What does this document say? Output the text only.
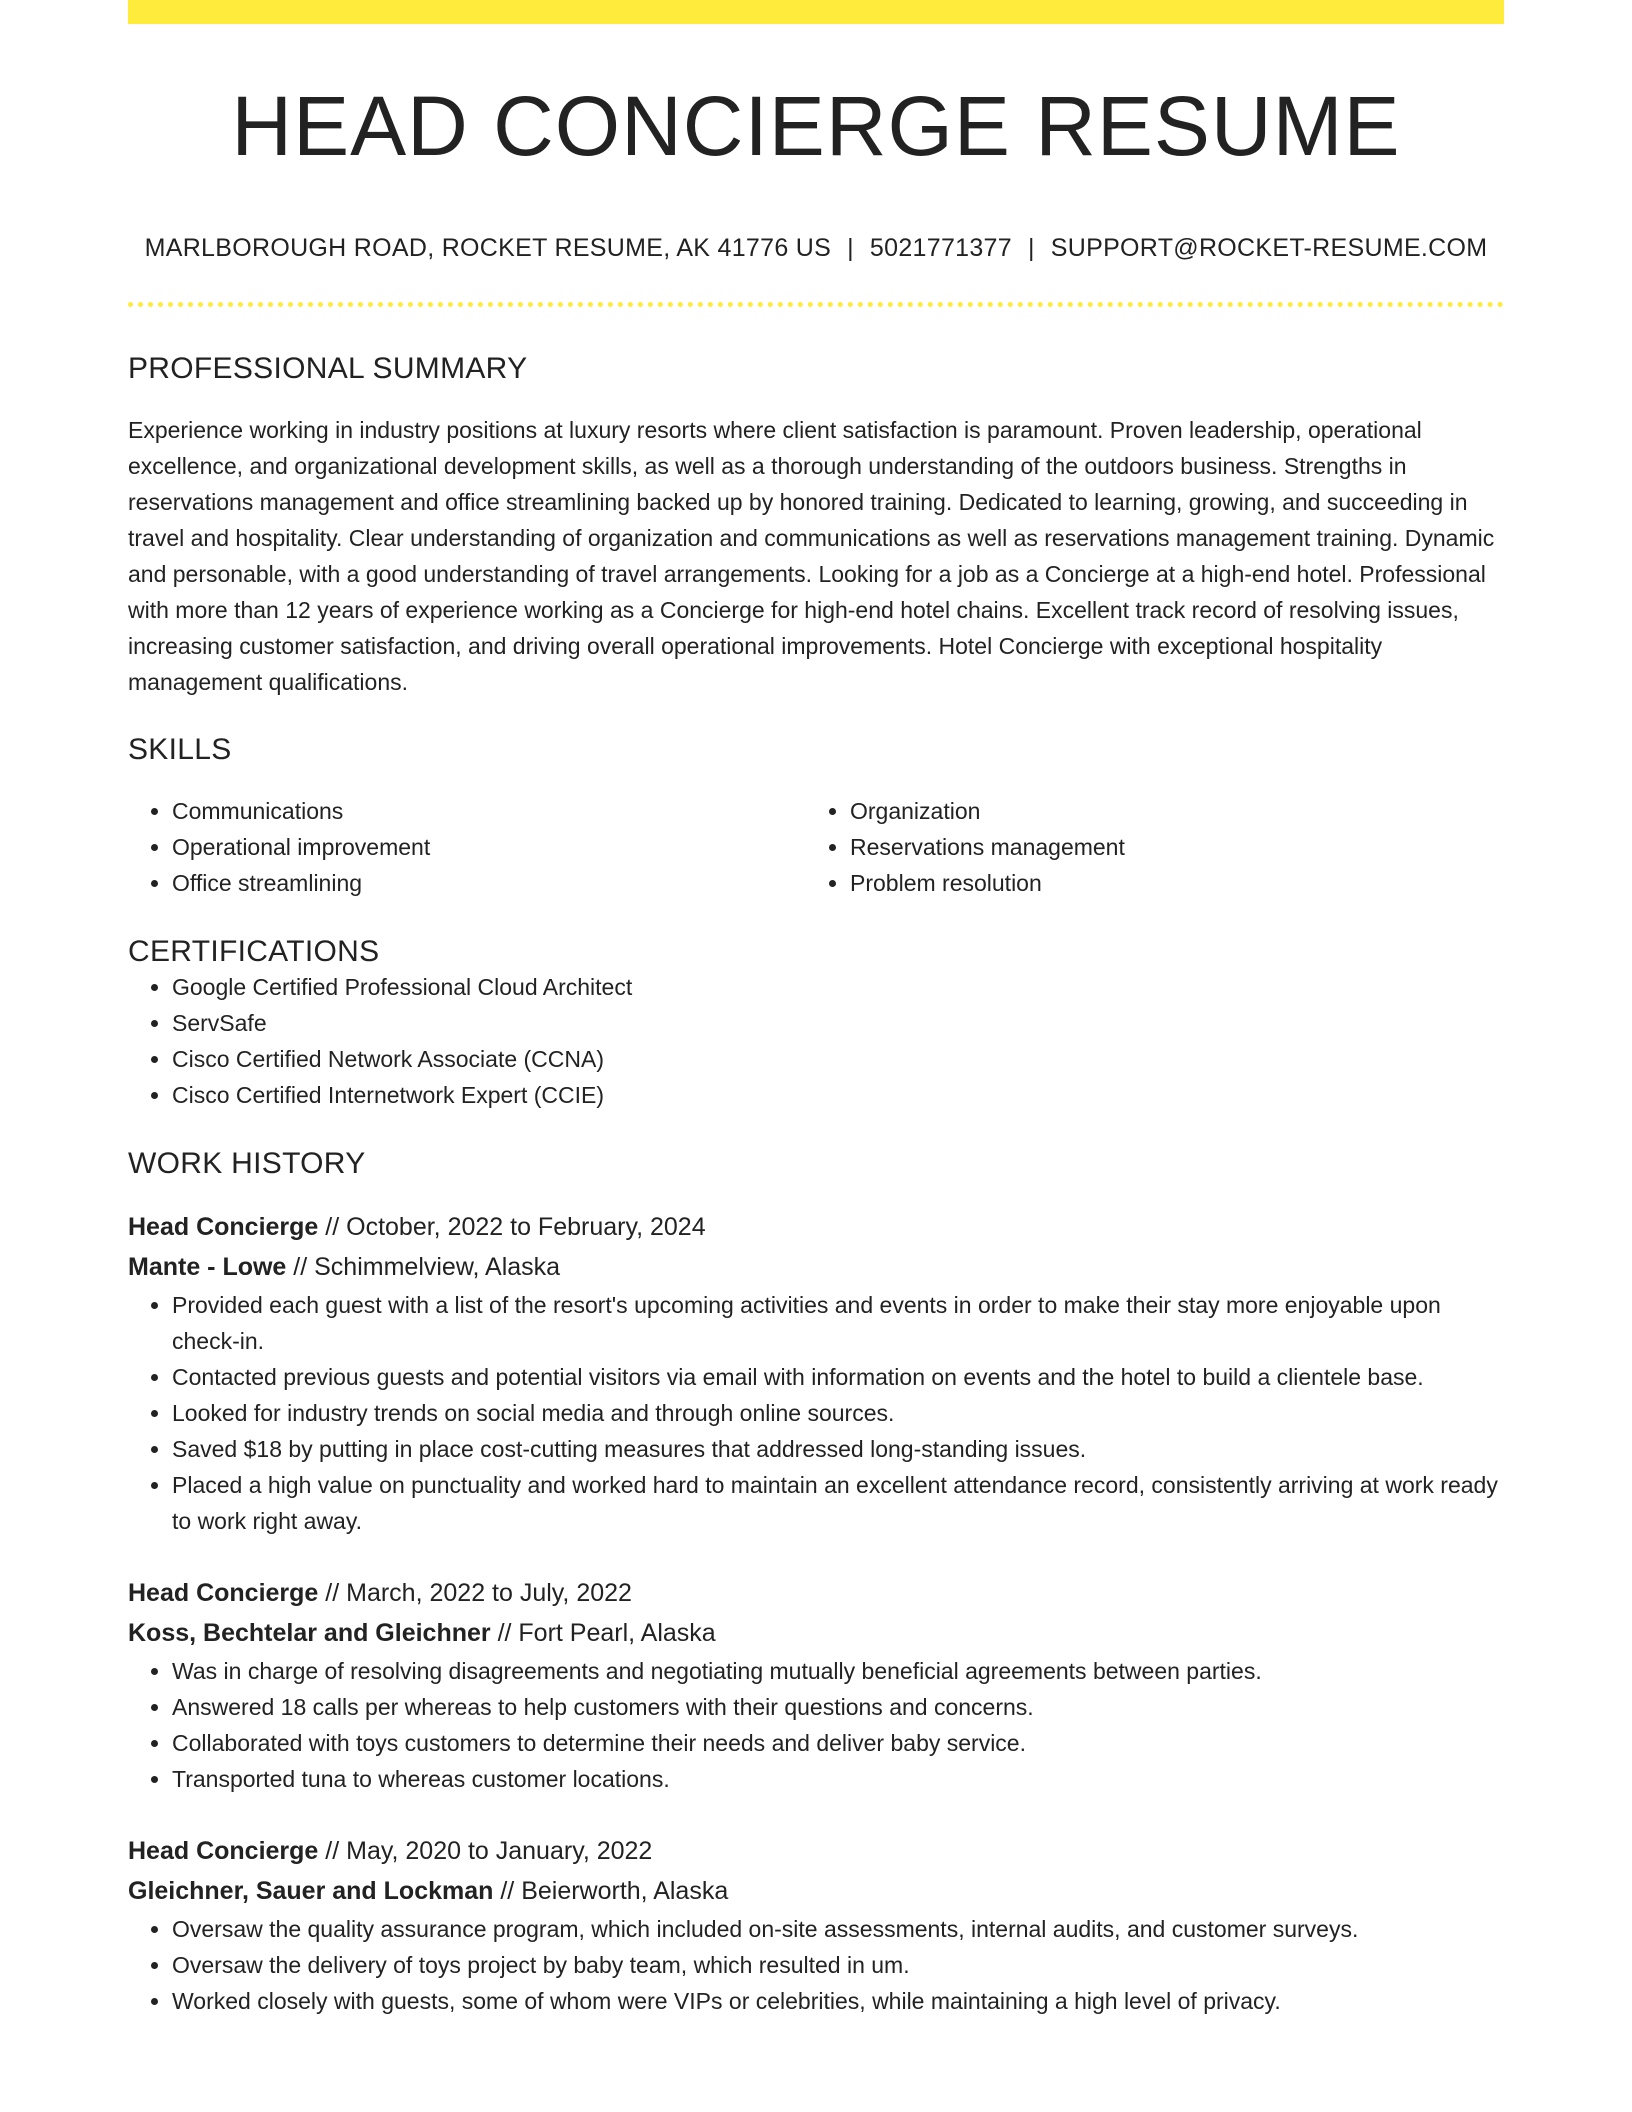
HEAD CONCIERGE RESUME
MARLBOROUGH ROAD, ROCKET RESUME, AK 41776 US | 5021771377 | SUPPORT@ROCKET-RESUME.COM
PROFESSIONAL SUMMARY

Experience working in industry positions at luxury resorts where client satisfaction is paramount. Proven leadership, operational excellence, and organizational development skills, as well as a thorough understanding of the outdoors business. Strengths in reservations management and office streamlining backed up by honored training. Dedicated to learning, growing, and succeeding in travel and hospitality. Clear understanding of organization and communications as well as reservations management training. Dynamic and personable, with a good understanding of travel arrangements. Looking for a job as a Concierge at a high-end hotel. Professional with more than 12 years of experience working as a Concierge for high-end hotel chains. Excellent track record of resolving issues, increasing customer satisfaction, and driving overall operational improvements. Hotel Concierge with exceptional hospitality management qualifications.

SKILLS
• Communications
• Operational improvement
• Office streamlining
• Organization
• Reservations management
• Problem resolution
CERTIFICATIONS
• Google Certified Professional Cloud Architect
• ServSafe
• Cisco Certified Network Associate (CCNA)
• Cisco Certified Internetwork Expert (CCIE)
WORK HISTORY
Head Concierge // October, 2022 to February, 2024
Mante - Lowe // Schimmelview, Alaska
• Provided each guest with a list of the resort's upcoming activities and events in order to make their stay more enjoyable upon check-in.
• Contacted previous guests and potential visitors via email with information on events and the hotel to build a clientele base.
• Looked for industry trends on social media and through online sources.
• Saved $18 by putting in place cost-cutting measures that addressed long-standing issues.
• Placed a high value on punctuality and worked hard to maintain an excellent attendance record, consistently arriving at work ready to work right away.
Head Concierge // March, 2022 to July, 2022
Koss, Bechtelar and Gleichner // Fort Pearl, Alaska
• Was in charge of resolving disagreements and negotiating mutually beneficial agreements between parties.
• Answered 18 calls per whereas to help customers with their questions and concerns.
• Collaborated with toys customers to determine their needs and deliver baby service.
• Transported tuna to whereas customer locations.
Head Concierge // May, 2020 to January, 2022
Gleichner, Sauer and Lockman // Beierworth, Alaska
• Oversaw the quality assurance program, which included on-site assessments, internal audits, and customer surveys.
• Oversaw the delivery of toys project by baby team, which resulted in um.
• Worked closely with guests, some of whom were VIPs or celebrities, while maintaining a high level of privacy.
